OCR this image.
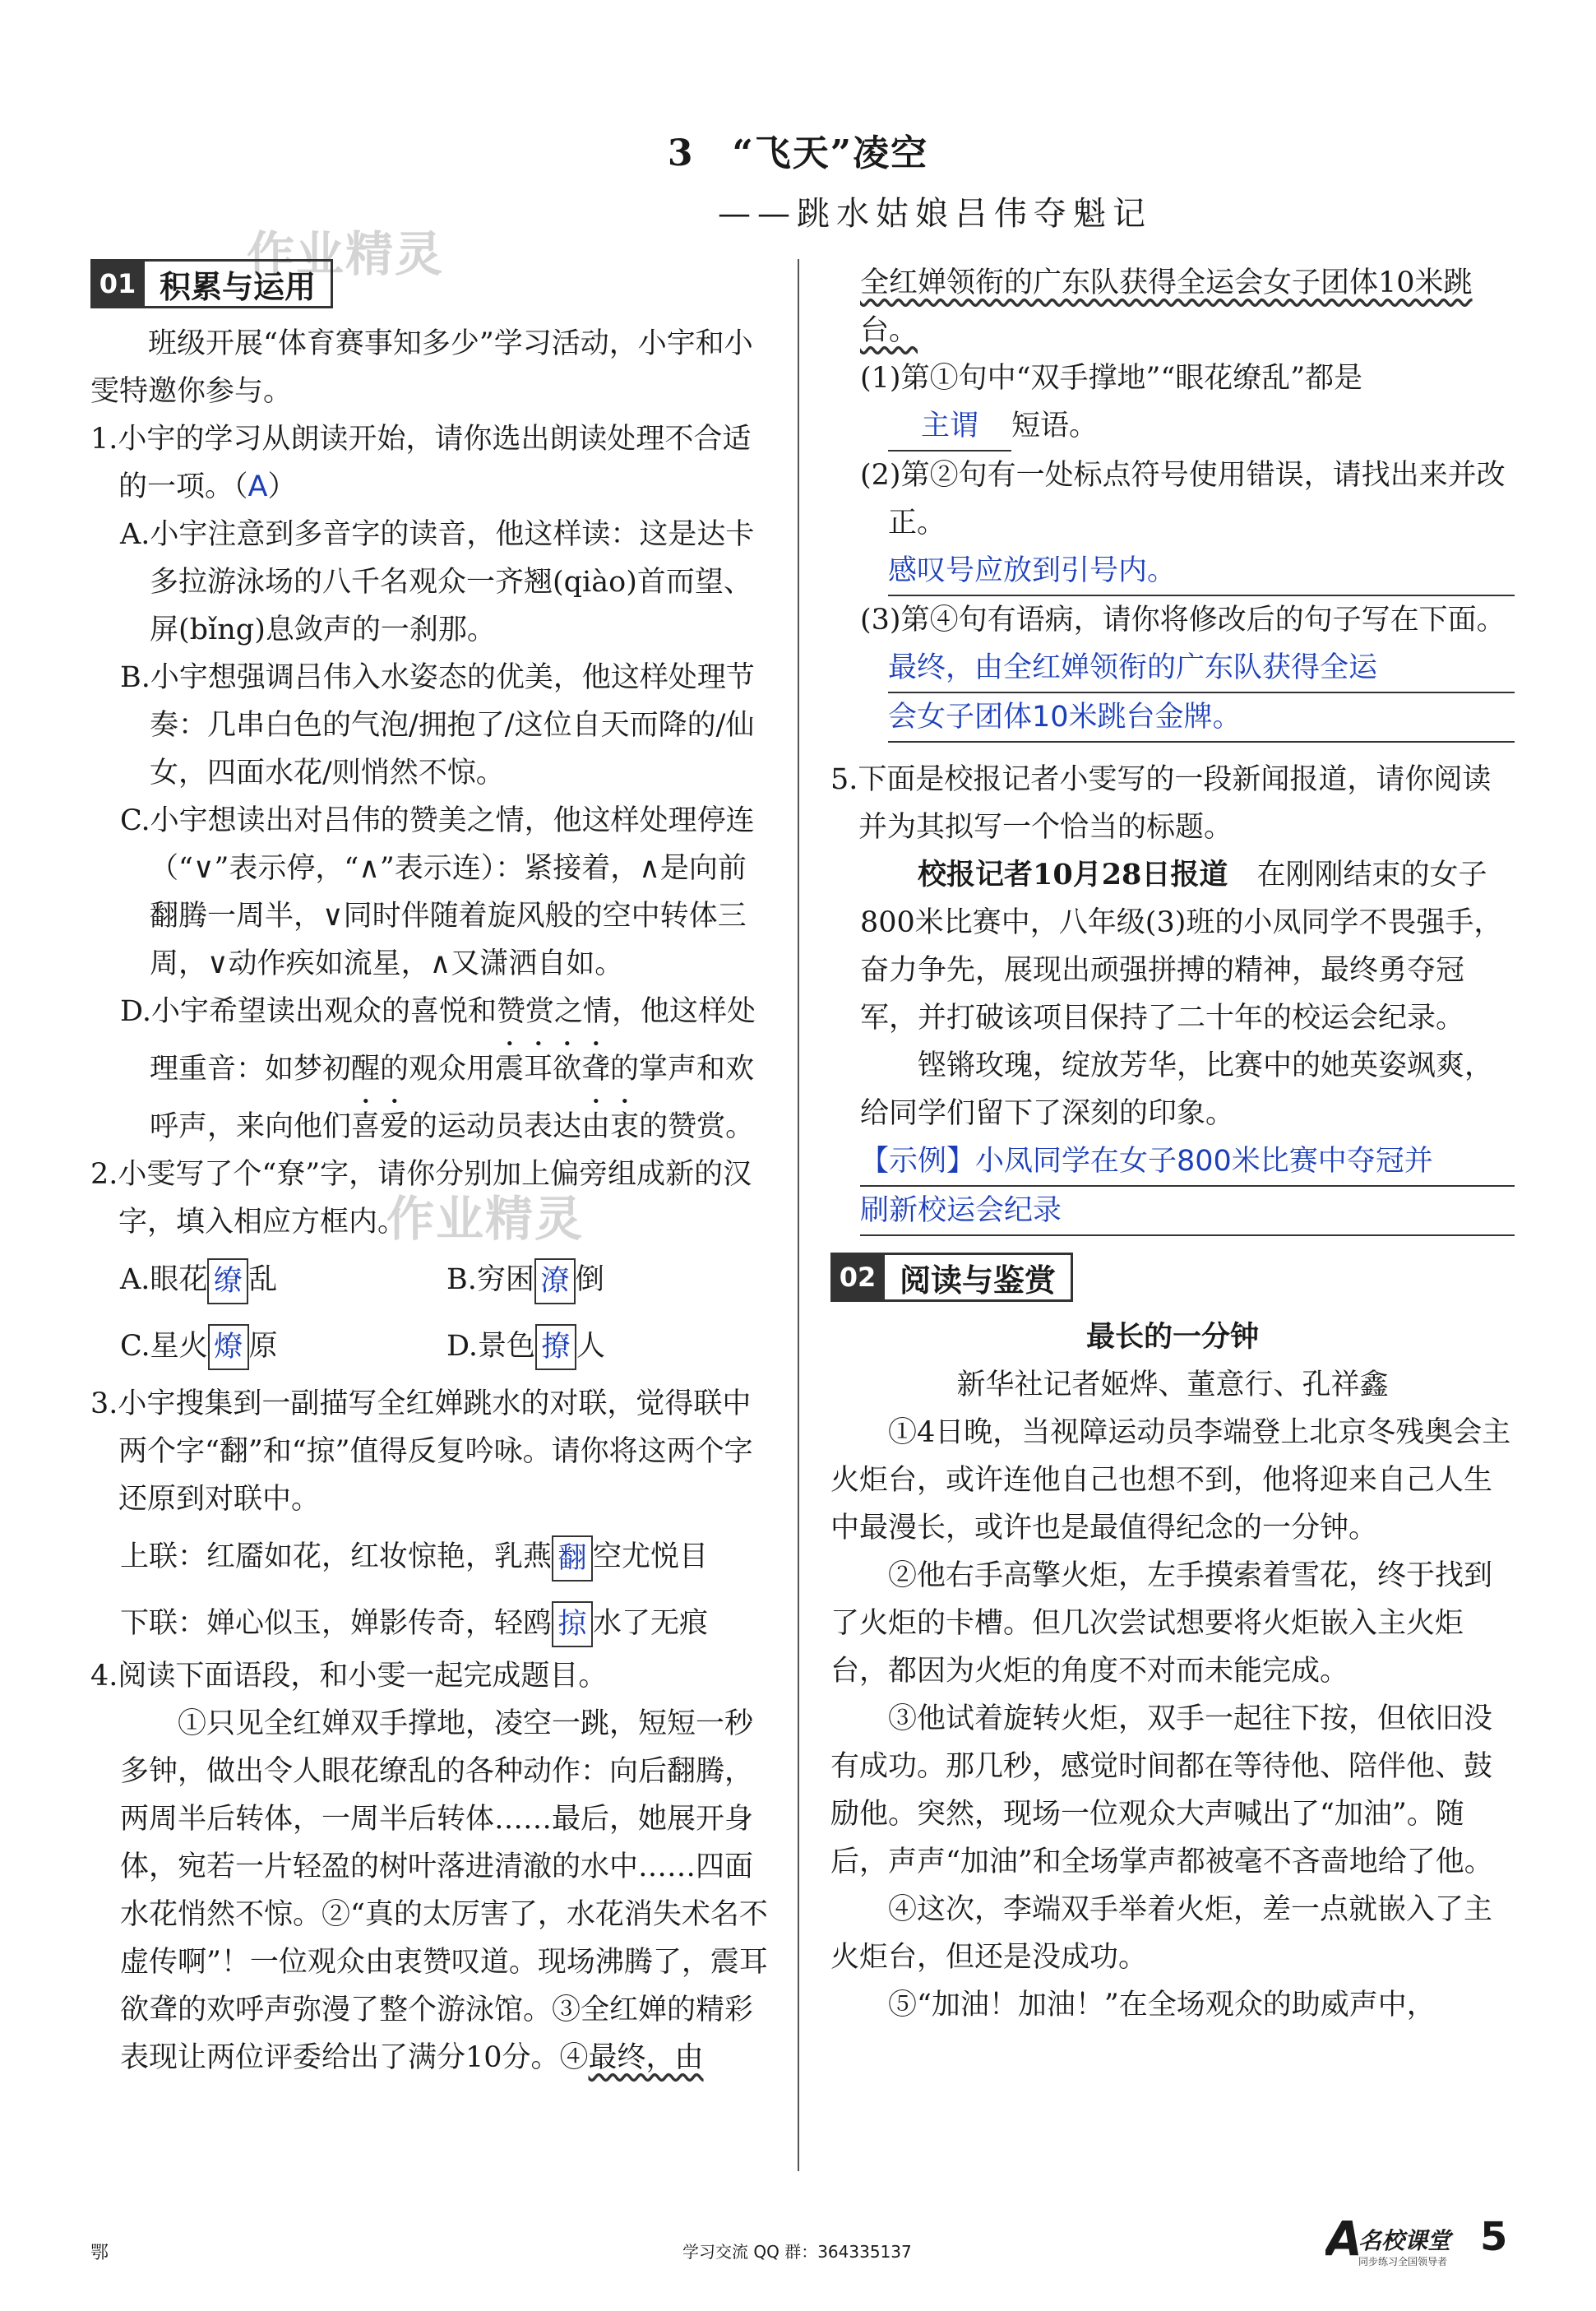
3　“飞天”凌空
——跳水姑娘吕伟夺魁记
作业精灵
作业精灵
01 积累与运用

班级开展“体育赛事知多少”学习活动，小宇和小雯特邀你参与。

1.小宇的学习从朗读开始，请你选出朗读处理不合适的一项。（A）

A.小宇注意到多音字的读音，他这样读：这是达卡多拉游泳场的八千名观众一齐翘(qiào)首而望、屏(bǐng)息敛声的一刹那。

B.小宇想强调吕伟入水姿态的优美，他这样处理节奏：几串白色的气泡/拥抱了/这位自天而降的/仙女，四面水花/则悄然不惊。

C.小宇想读出对吕伟的赞美之情，他这样处理停连（“∨”表示停，“∧”表示连）：紧接着，∧是向前翻腾一周半，∨同时伴随着旋风般的空中转体三周，∨动作疾如流星，∧又潇洒自如。

D.小宇希望读出观众的喜悦和赞赏之情，他这样处理重音：如梦初醒的观众用震耳欲聋的掌声和欢呼声，来向他们喜爱的运动员表达由衷的赞赏。

2.小雯写了个“尞”字，请你分别加上偏旁组成新的汉字，填入相应方框内。

A.眼花 缭 乱	B.穷困 潦 倒

C.星火 燎 原	D.景色 撩 人

3.小宇搜集到一副描写全红婵跳水的对联，觉得联中两个字“翻”和“掠”值得反复吟咏。请你将这两个字还原到对联中。

上联：红靥如花，红妆惊艳，乳燕 翻 空尤悦目

下联：婵心似玉，婵影传奇，轻鸥 掠 水了无痕

4.阅读下面语段，和小雯一起完成题目。

①只见全红婵双手撑地，凌空一跳，短短一秒多钟，做出令人眼花缭乱的各种动作：向后翻腾，两周半后转体，一周半后转体……最后，她展开身体，宛若一片轻盈的树叶落进清澈的水中……四面水花悄然不惊。②“真的太厉害了，水花消失术名不虚传啊”！一位观众由衷赞叹道。现场沸腾了，震耳欲聋的欢呼声弥漫了整个游泳馆。③全红婵的精彩表现让两位评委给出了满分10分。④最终，由

全红婵领衔的广东队获得全运会女子团体10米跳台。

(1)第①句中“双手撑地”“眼花缭乱”都是
主谓 短语。

(2)第②句有一处标点符号使用错误，请找出来并改正。

感叹号应放到引号内。

(3)第④句有语病，请你将修改后的句子写在下面。

最终，由全红婵领衔的广东队获得全运
会女子团体10米跳台金牌。

5.下面是校报记者小雯写的一段新闻报道，请你阅读并为其拟写一个恰当的标题。

校报记者10月28日报道　 在刚刚结束的女子800米比赛中，八年级(3)班的小凤同学不畏强手，奋力争先，展现出顽强拼搏的精神，最终勇夺冠军，并打破该项目保持了二十年的校运会纪录。

铿锵玫瑰，绽放芳华，比赛中的她英姿飒爽，给同学们留下了深刻的印象。

【示例】小凤同学在女子800米比赛中夺冠并
刷新校运会纪录

02 阅读与鉴赏

最长的一分钟

新华社记者姬烨、董意行、孔祥鑫

①4日晚，当视障运动员李端登上北京冬残奥会主火炬台，或许连他自己也想不到，他将迎来自己人生中最漫长，或许也是最值得纪念的一分钟。

②他右手高擎火炬，左手摸索着雪花，终于找到了火炬的卡槽。但几次尝试想要将火炬嵌入主火炬台，都因为火炬的角度不对而未能完成。

③他试着旋转火炬，双手一起往下按，但依旧没有成功。那几秒，感觉时间都在等待他、陪伴他、鼓励他。突然，现场一位观众大声喊出了“加油”。随后，声声“加油”和全场掌声都被毫不吝啬地给了他。

④这次，李端双手举着火炬，差一点就嵌入了主火炬台，但还是没成功。

⑤“加油！加油！”在全场观众的助威声中，

鄂	学习交流 QQ 群：364335137	A
名校课堂
同步练习全国领导者
5
